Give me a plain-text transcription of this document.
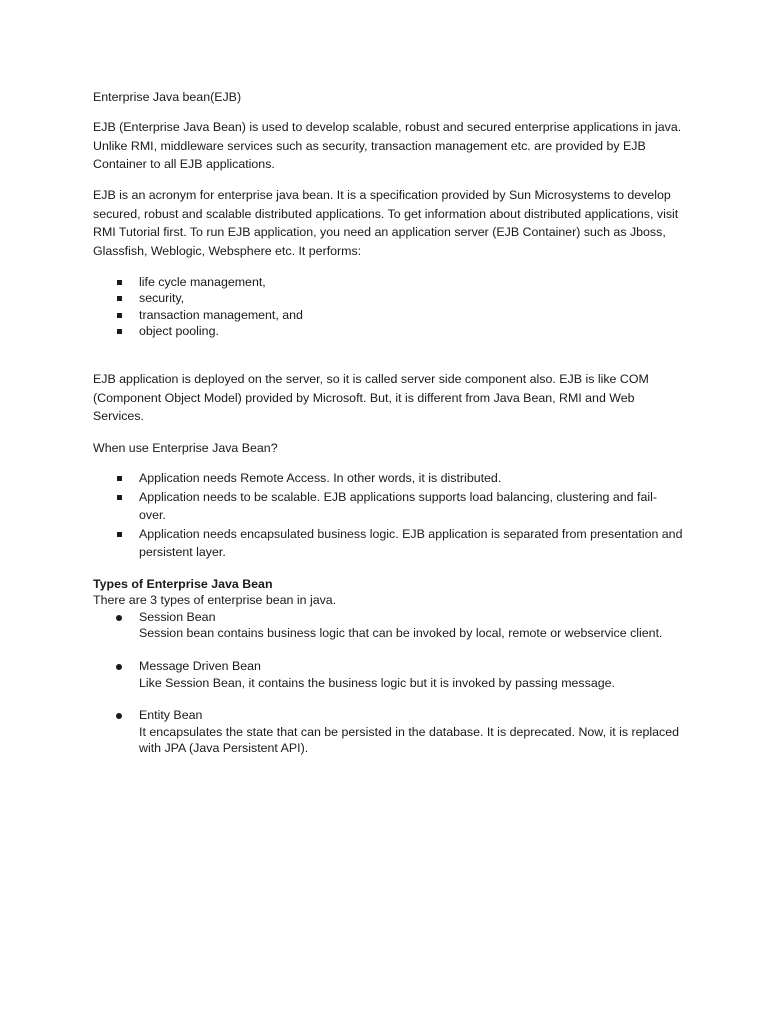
Enterprise Java bean(EJB)

EJB (Enterprise Java Bean) is used to develop scalable, robust and secured enterprise applications in java. Unlike RMI, middleware services such as security, transaction management etc. are provided by EJB Container to all EJB applications.

EJB is an acronym for enterprise java bean. It is a specification provided by Sun Microsystems to develop secured, robust and scalable distributed applications. To get information about distributed applications, visit RMI Tutorial first. To run EJB application, you need an application server (EJB Container) such as Jboss, Glassfish, Weblogic, Websphere etc. It performs:

life cycle management,
security,
transaction management, and
object pooling.

EJB application is deployed on the server, so it is called server side component also. EJB is like COM (Component Object Model) provided by Microsoft. But, it is different from Java Bean, RMI and Web Services.

When use Enterprise Java Bean?

Application needs Remote Access. In other words, it is distributed.
Application needs to be scalable. EJB applications supports load balancing, clustering and fail-over.
Application needs encapsulated business logic. EJB application is separated from presentation and persistent layer.

Types of Enterprise Java Bean

There are 3 types of enterprise bean in java.

Session Bean
Session bean contains business logic that can be invoked by local, remote or webservice client.
Message Driven Bean
Like Session Bean, it contains the business logic but it is invoked by passing message.
Entity Bean
It encapsulates the state that can be persisted in the database. It is deprecated. Now, it is replaced with JPA (Java Persistent API).
